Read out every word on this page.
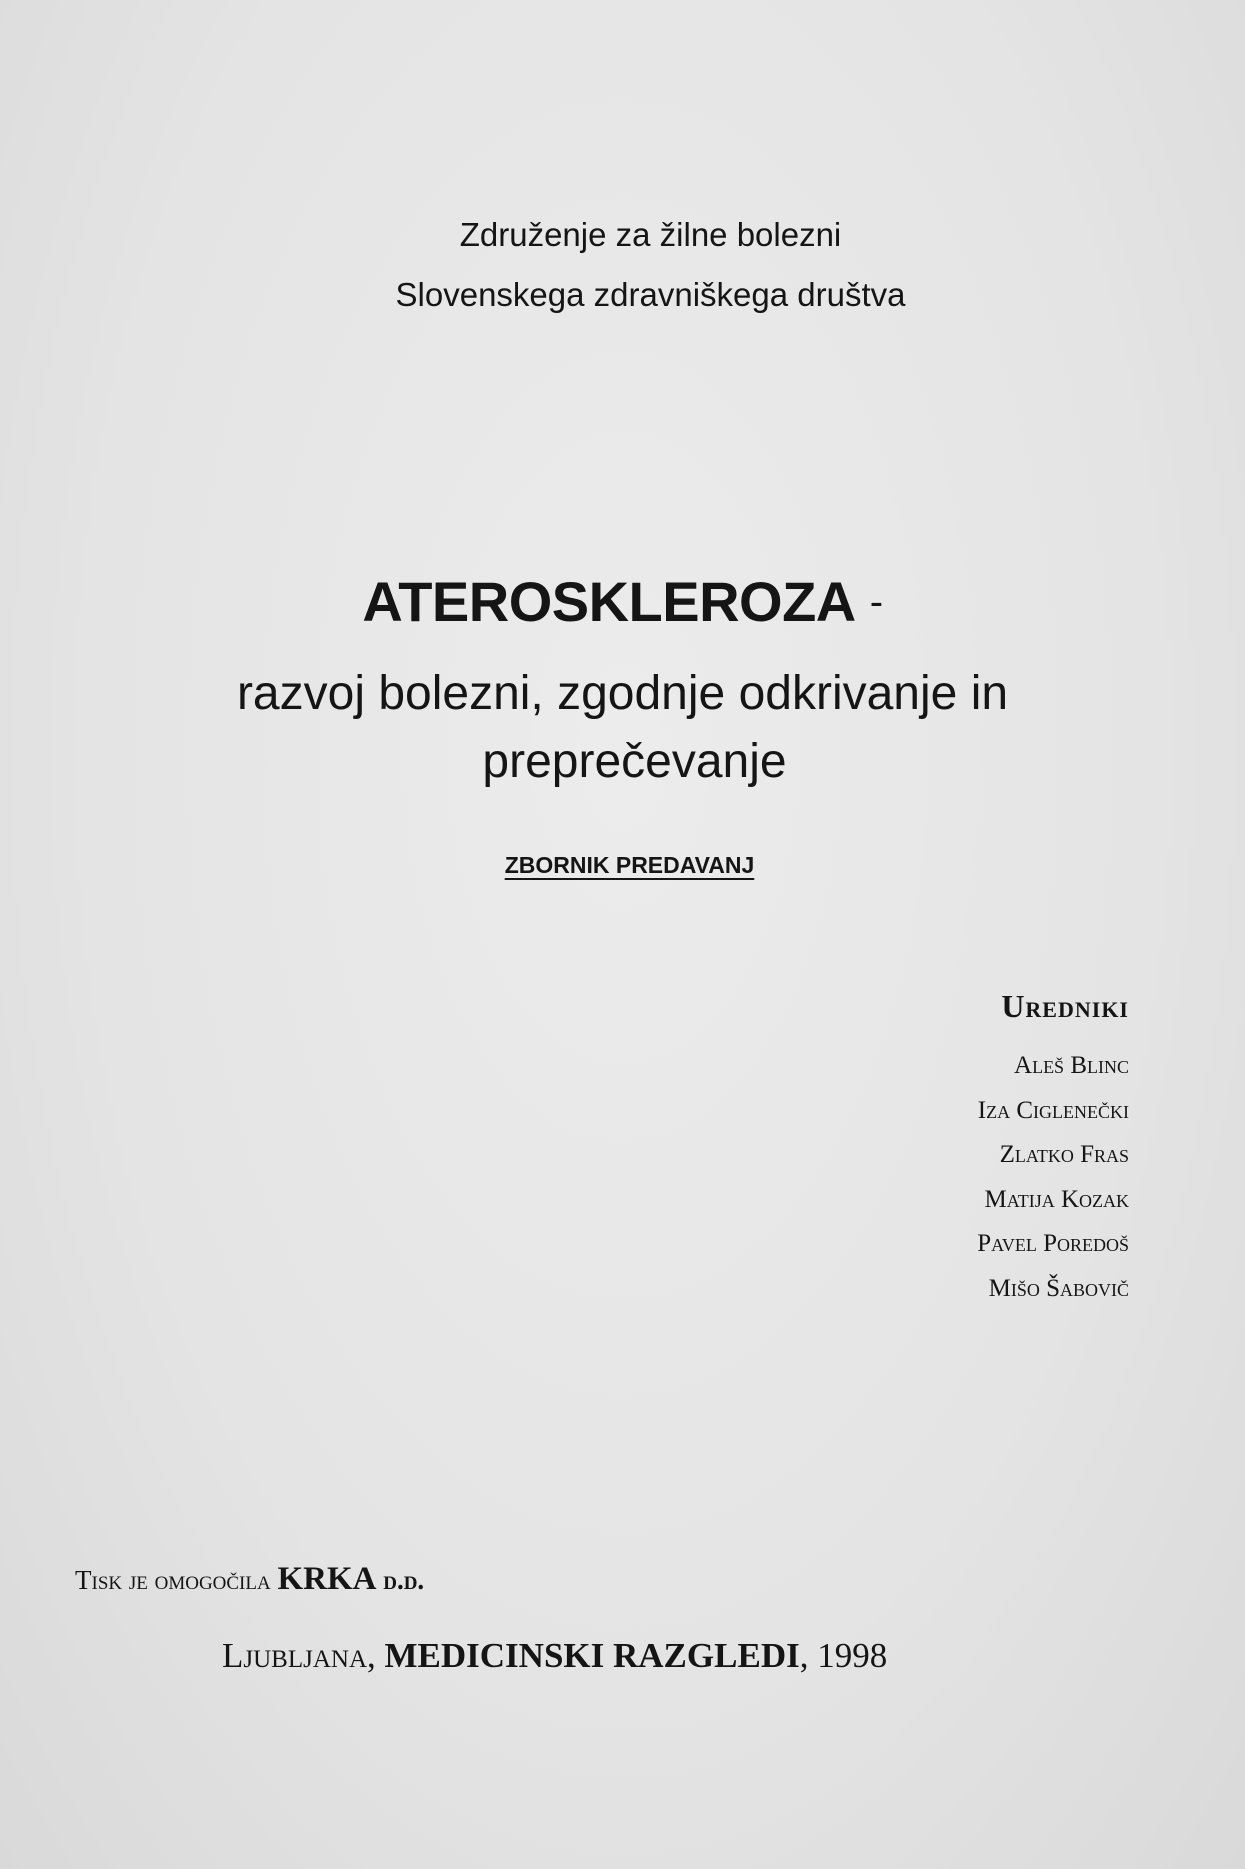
Združenje za žilne bolezni
Slovenskega zdravniškega društva
ATEROSKLEROZA -
razvoj bolezni, zgodnje odkrivanje in
preprečevanje
ZBORNIK PREDAVANJ
Uredniki
Aleš Blinc
Iza Ciglenečki
Zlatko Fras
Matija Kozak
Pavel Poredoš
Mišo Šabovič
Tisk je omogočila KRKA d.d.
Ljubljana, MEDICINSKI RAZGLEDI, 1998
